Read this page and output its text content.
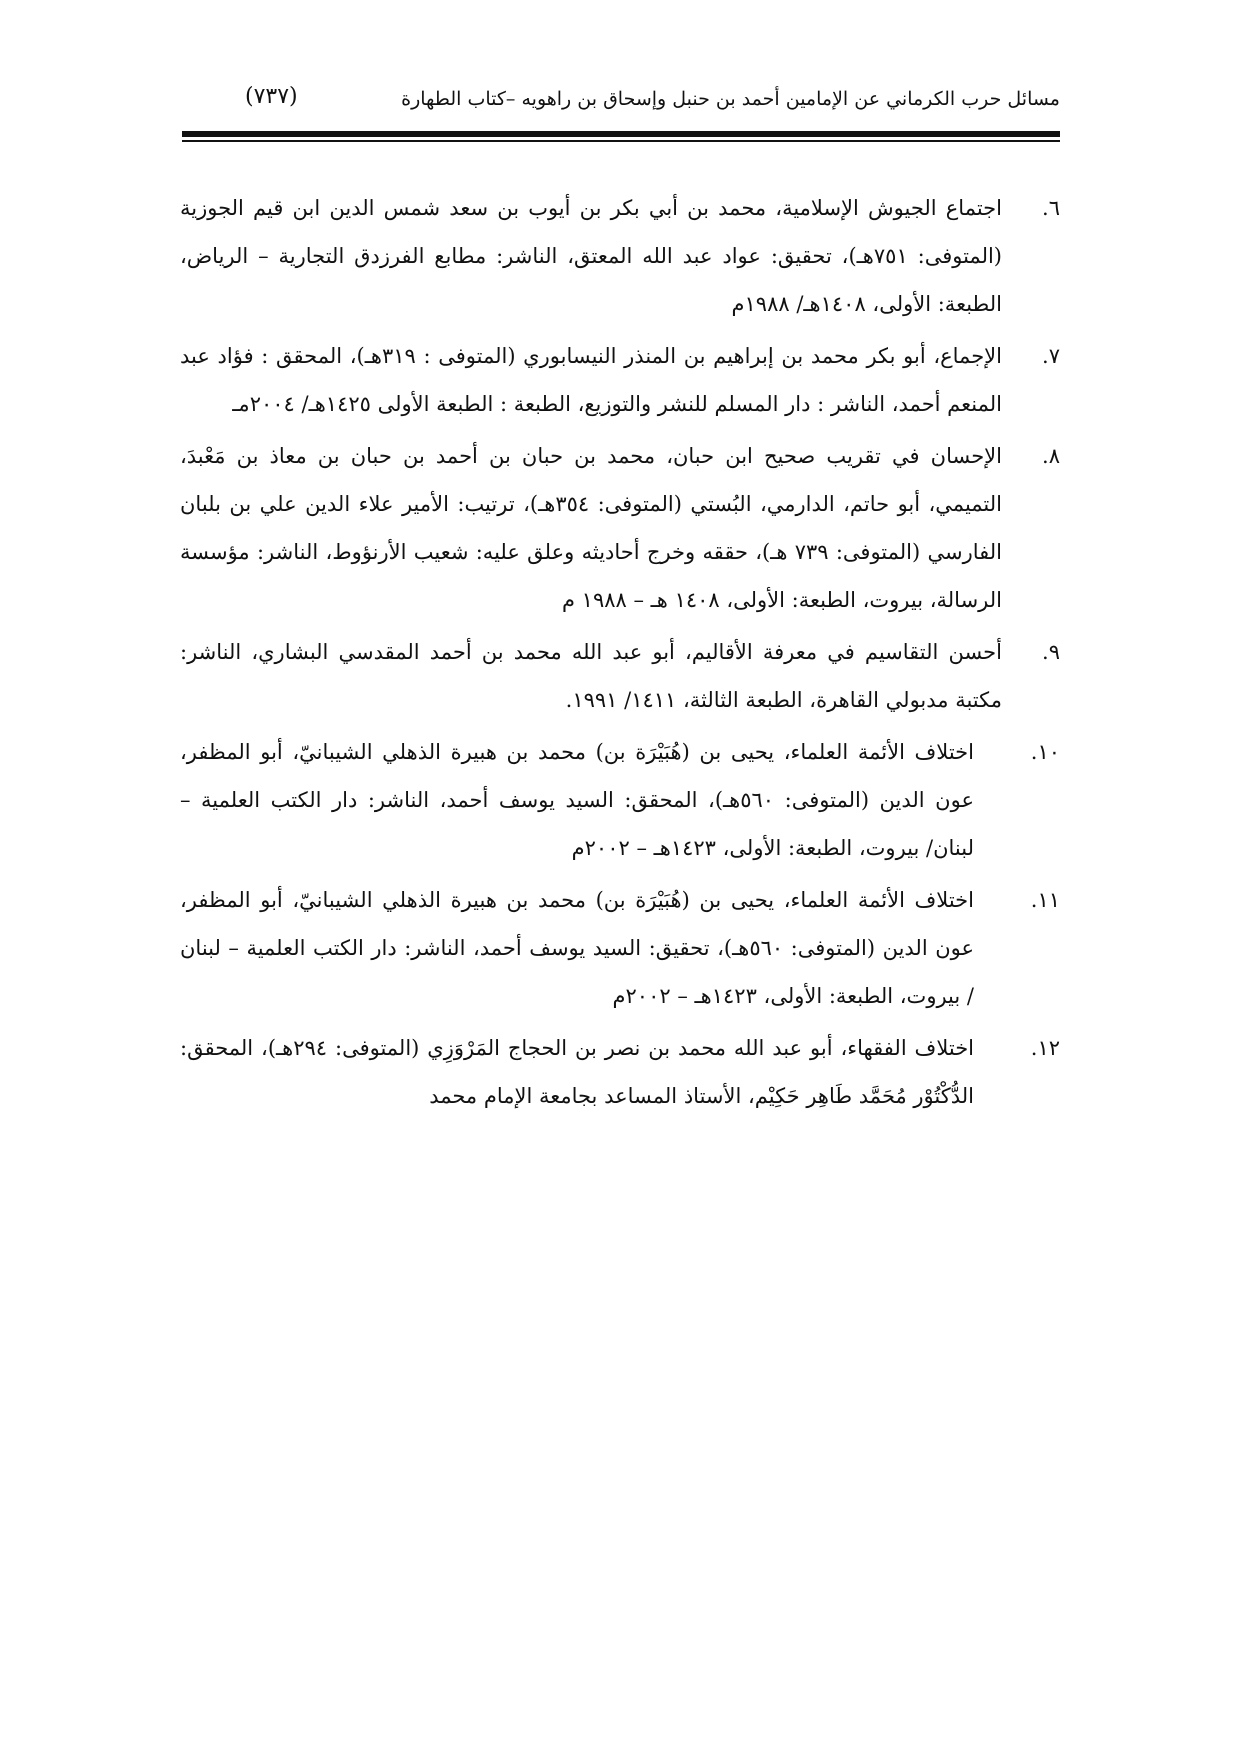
مسائل حرب الكرماني عن الإمامين أحمد بن حنبل وإسحاق بن راهويه –كتاب الطهارة
(٧٣٧)
٦.
اجتماع الجيوش الإسلامية، محمد بن أبي بكر بن أيوب بن سعد شمس الدين ابن قيم الجوزية (المتوفى: ٧٥١هـ)، تحقيق: عواد عبد الله المعتق، الناشر: مطابع الفرزدق التجارية – الرياض، الطبعة: الأولى، ١٤٠٨هـ/ ١٩٨٨م
٧.
الإجماع، أبو بكر محمد بن إبراهيم بن المنذر النيسابوري (المتوفى : ٣١٩هـ)، المحقق : فؤاد عبد المنعم أحمد، الناشر : دار المسلم للنشر والتوزيع، الطبعة : الطبعة الأولى ١٤٢٥هـ/ ٢٠٠٤مـ
٨.
الإحسان في تقريب صحيح ابن حبان، محمد بن حبان بن أحمد بن حبان بن معاذ بن مَعْبدَ، التميمي، أبو حاتم، الدارمي، البُستي (المتوفى: ٣٥٤هـ)، ترتيب: الأمير علاء الدين علي بن بلبان الفارسي (المتوفى: ٧٣٩ هـ)، حققه وخرج أحاديثه وعلق عليه: شعيب الأرنؤوط، الناشر: مؤسسة الرسالة، بيروت، الطبعة: الأولى، ١٤٠٨ هـ – ١٩٨٨ م
٩.
أحسن التقاسيم في معرفة الأقاليم، أبو عبد الله محمد بن أحمد المقدسي البشاري، الناشر: مكتبة مدبولي القاهرة، الطبعة الثالثة، ١٤١١/ ١٩٩١.
١٠.
اختلاف الأئمة العلماء، يحيى بن (هُبَيْرَة بن) محمد بن هبيرة الذهلي الشيبانيّ، أبو المظفر، عون الدين (المتوفى: ٥٦٠هـ)، المحقق: السيد يوسف أحمد، الناشر: دار الكتب العلمية – لبنان/ بيروت، الطبعة: الأولى، ١٤٢٣هـ – ٢٠٠٢م
١١.
اختلاف الأئمة العلماء، يحيى بن (هُبَيْرَة بن) محمد بن هبيرة الذهلي الشيبانيّ، أبو المظفر، عون الدين (المتوفى: ٥٦٠هـ)، تحقيق: السيد يوسف أحمد، الناشر: دار الكتب العلمية – لبنان / بيروت، الطبعة: الأولى، ١٤٢٣هـ – ٢٠٠٢م
١٢.
اختلاف الفقهاء، أبو عبد الله محمد بن نصر بن الحجاج المَرْوَزِي (المتوفى: ٢٩٤هـ)، المحقق: الدُّكْتُوْر مُحَمَّد طَاهِر حَكِيْم، الأستاذ المساعد بجامعة الإمام محمد
